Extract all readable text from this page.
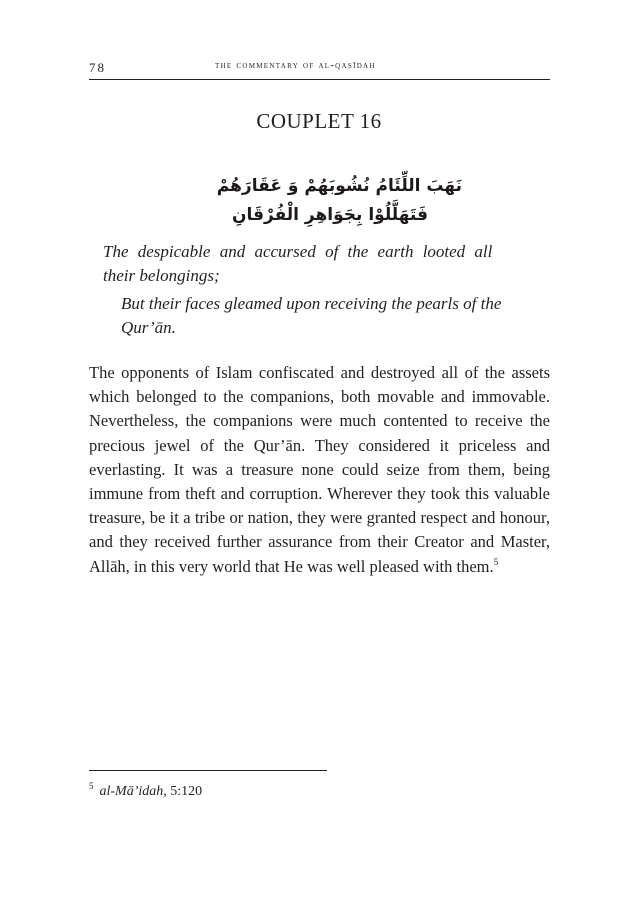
78	the commentary of al-qaṣīdah
COUPLET 16
نَهَبَ اللِّئَامُ نُشُوبَهُمْ وَ عَقَارَهُمْ
فَتَهَلَّلُوْا بِجَوَاهِرِ الْفُرْقَانِ
The despicable and accursed of the earth looted all
their belongings;
But their faces gleamed upon receiving the pearls of the
Qur’ān.

The opponents of Islam confiscated and destroyed all of the assets which belonged to the companions, both movable and immovable. Nevertheless, the companions were much contented to receive the precious jewel of the Qur’ān. They considered it priceless and everlasting. It was a treasure none could seize from them, being immune from theft and corruption. Wherever they took this valuable treasure, be it a tribe or nation, they were granted respect and honour, and they received further assurance from their Creator and Master, Allāh, in this very world that He was well pleased with them.$^5$

$^5$ al-Mā’idah, 5:120
